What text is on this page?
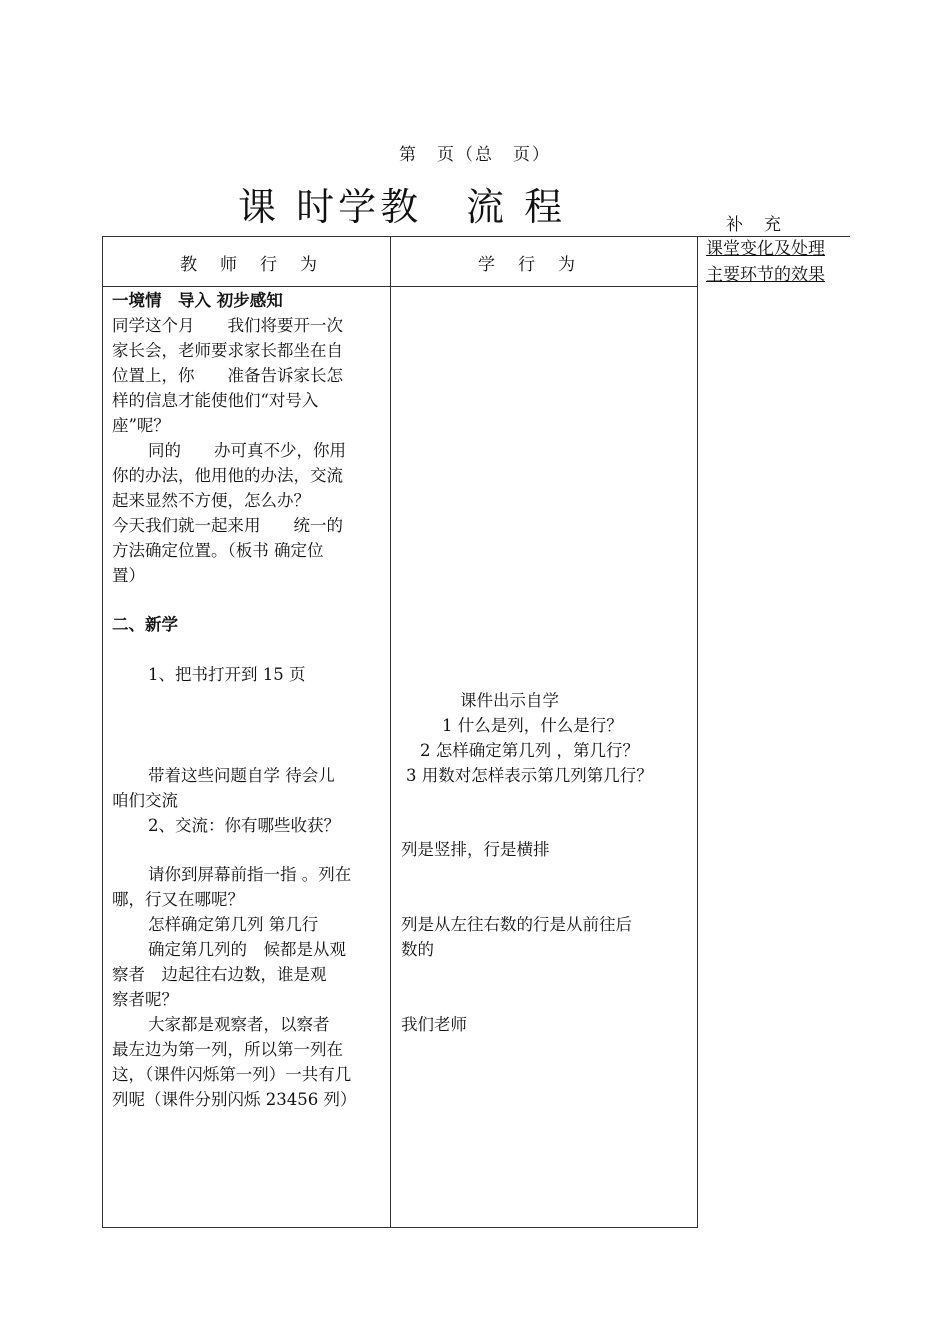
第　页（总　页）
课 时学教 流 程	补　充
课堂变化及处理
主要环节的效果
教　师　行　为	学　行　为
一境情　导入 初步感知
同学这个月　　我们将要开一次
家长会，老师要求家长都坐在自
位置上，你　　准备告诉家长怎
样的信息才能使他们“对号入
座”呢？
同的　　办可真不少，你用
你的办法，他用他的办法，交流
起来显然不方便，怎么办？
今天我们就一起来用　　统一的
方法确定位置。（板书 确定位
置）
二、新学
1、把书打开到 15 页
带着这些问题自学 待会儿
咱们交流
2、交流：你有哪些收获？
请你到屏幕前指一指 。列在
哪，行又在哪呢？
怎样确定第几列 第几行
确定第几列的　候都是从观
察者　边起往右边数，谁是观
察者呢？
大家都是观察者，以察者
最左边为第一列，所以第一列在
这，（课件闪烁第一列）一共有几
列呢（课件分别闪烁 23456 列）
课件出示自学
1 什么是列，什么是行？
2 怎样确定第几列 ，第几行？
3 用数对怎样表示第几列第几行？
列是竖排，行是横排
列是从左往右数的行是从前往后
数的
我们老师
